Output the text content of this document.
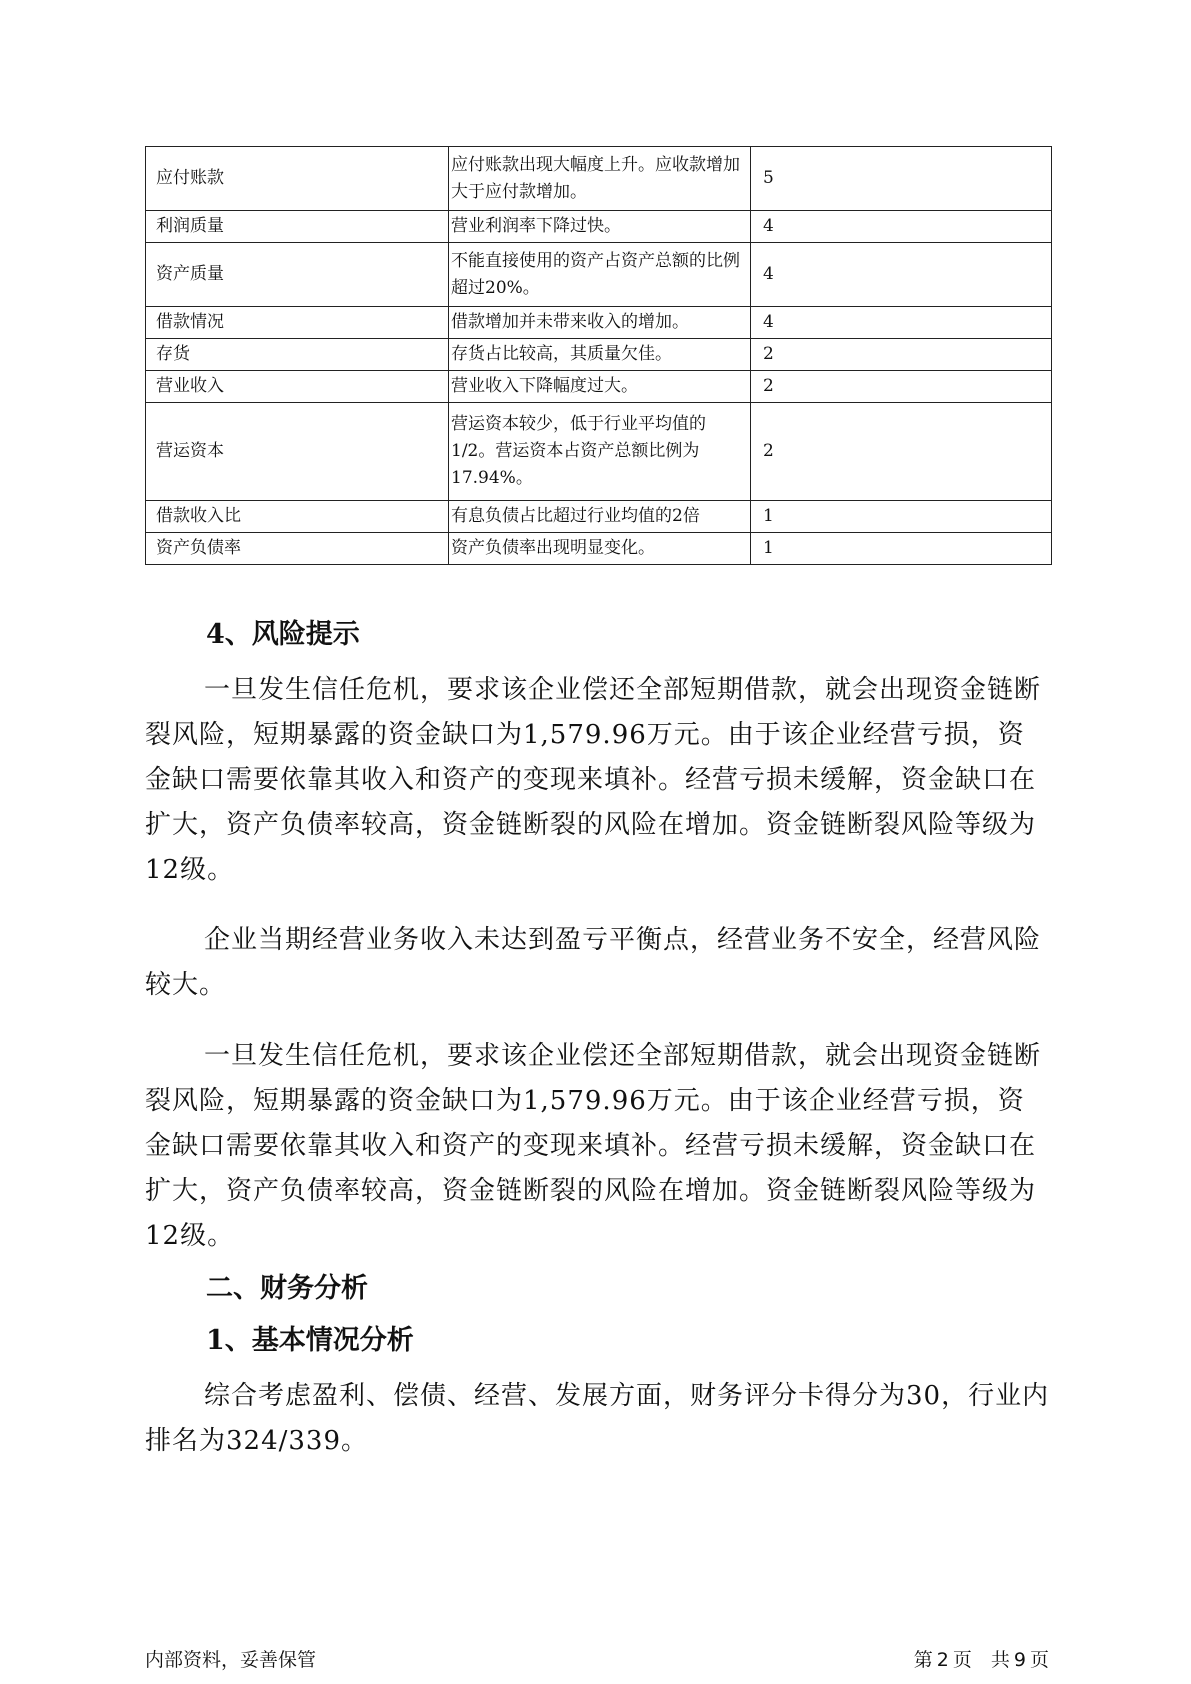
应付账款	应付账款出现大幅度上升。应收款增加大于应付款增加。	5
利润质量	营业利润率下降过快。	4
资产质量	不能直接使用的资产占资产总额的比例超过20%。	4
借款情况	借款增加并未带来收入的增加。	4
存货	存货占比较高，其质量欠佳。	2
营业收入	营业收入下降幅度过大。	2
营运资本	营运资本较少，低于行业平均值的1/2。营运资本占资产总额比例为17.94%。	2
借款收入比	有息负债占比超过行业均值的2倍	1
资产负债率	资产负债率出现明显变化。	1
4、风险提示

一旦发生信任危机，要求该企业偿还全部短期借款，就会出现资金链断裂风险，短期暴露的资金缺口为1,579.96万元。由于该企业经营亏损，资金缺口需要依靠其收入和资产的变现来填补。经营亏损未缓解，资金缺口在扩大，资产负债率较高，资金链断裂的风险在增加。资金链断裂风险等级为12级。

企业当期经营业务收入未达到盈亏平衡点，经营业务不安全，经营风险较大。

一旦发生信任危机，要求该企业偿还全部短期借款，就会出现资金链断裂风险，短期暴露的资金缺口为1,579.96万元。由于该企业经营亏损，资金缺口需要依靠其收入和资产的变现来填补。经营亏损未缓解，资金缺口在扩大，资产负债率较高，资金链断裂的风险在增加。资金链断裂风险等级为12级。

二、财务分析
1、基本情况分析

综合考虑盈利、偿债、经营、发展方面，财务评分卡得分为30，行业内排名为324/339。

内部资料，妥善保管	第 2 页　共 9 页
